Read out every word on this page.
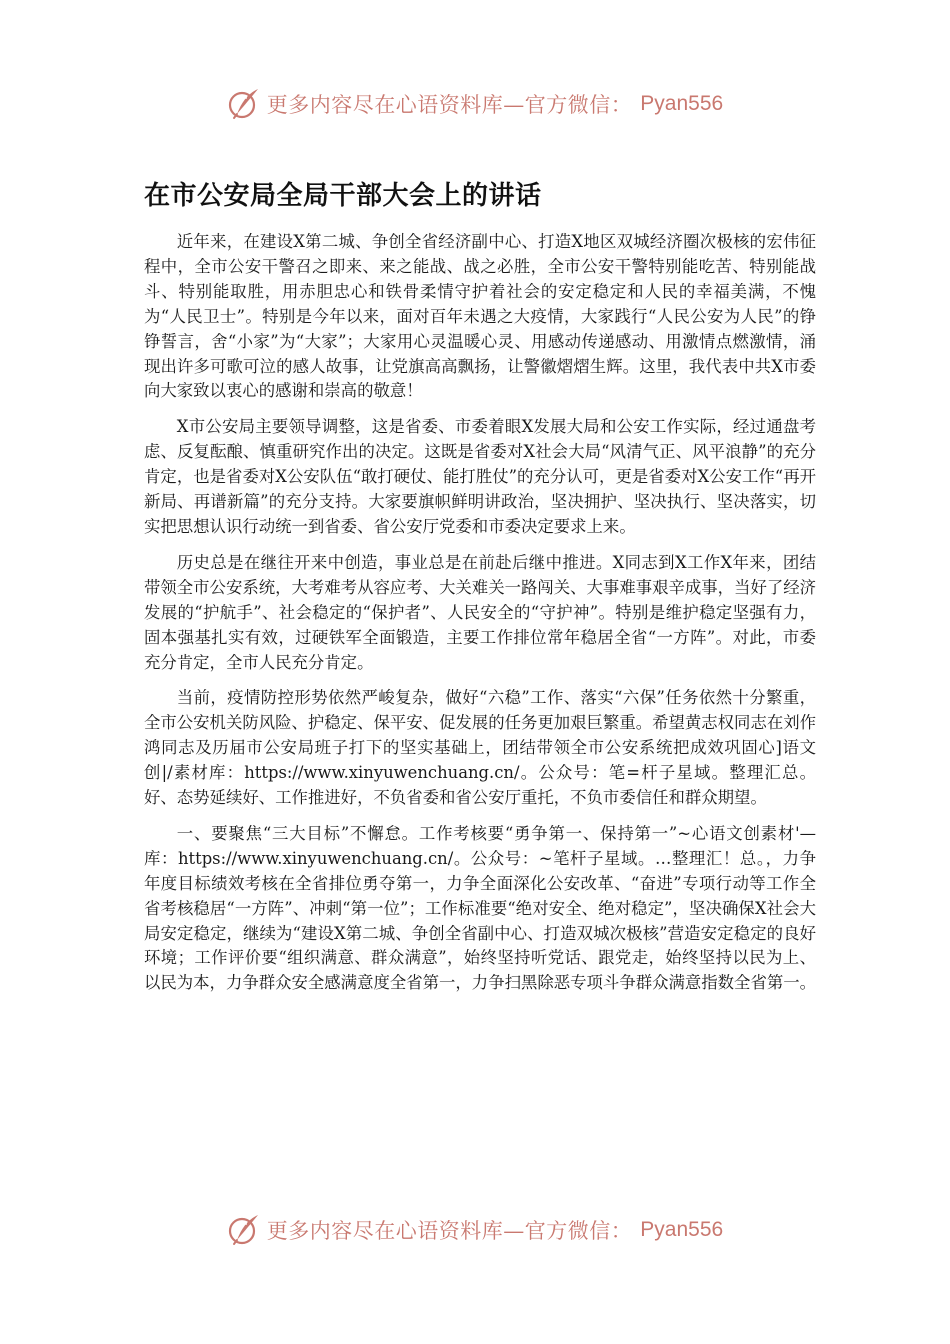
更多内容尽在心语资料库—官方微信： Pyan556
在市公安局全局干部大会上的讲话

近年来，在建设X第二城、争创全省经济副中心、打造X地区双城经济圈次极核的宏伟征程中，全市公安干警召之即来、来之能战、战之必胜，全市公安干警特别能吃苦、特别能战斗、特别能取胜，用赤胆忠心和铁骨柔情守护着社会的安定稳定和人民的幸福美满，不愧为“人民卫士”。特别是今年以来，面对百年未遇之大疫情，大家践行“人民公安为人民”的铮铮誓言，舍“小家”为“大家”；大家用心灵温暖心灵、用感动传递感动、用激情点燃激情，涌现出许多可歌可泣的感人故事，让党旗高高飘扬，让警徽熠熠生辉。这里，我代表中共X市委向大家致以衷心的感谢和崇高的敬意！

X市公安局主要领导调整，这是省委、市委着眼X发展大局和公安工作实际，经过通盘考虑、反复酝酿、慎重研究作出的决定。这既是省委对X社会大局“风清气正、风平浪静”的充分肯定，也是省委对X公安队伍“敢打硬仗、能打胜仗”的充分认可，更是省委对X公安工作“再开新局、再谱新篇”的充分支持。大家要旗帜鲜明讲政治，坚决拥护、坚决执行、坚决落实，切实把思想认识行动统一到省委、省公安厅党委和市委决定要求上来。

历史总是在继往开来中创造，事业总是在前赴后继中推进。X同志到X工作X年来，团结带领全市公安系统，大考难考从容应考、大关难关一路闯关、大事难事艰辛成事，当好了经济发展的“护航手”、社会稳定的“保护者”、人民安全的“守护神”。特别是维护稳定坚强有力，固本强基扎实有效，过硬铁军全面锻造，主要工作排位常年稳居全省“一方阵”。对此，市委充分肯定，全市人民充分肯定。

当前，疫情防控形势依然严峻复杂，做好“六稳”工作、落实“六保”任务依然十分繁重，全市公安机关防风险、护稳定、保平安、促发展的任务更加艰巨繁重。希望黄志权同志在刘作鸿同志及历届市公安局班子打下的坚实基础上，团结带领全市公安系统把成效巩固心]语文创|/素材库：https://www.xinyuwenchuang.cn/。公众号：笔=杆子星域。整理汇总。好、态势延续好、工作推进好，不负省委和省公安厅重托，不负市委信任和群众期望。

一、要聚焦“三大目标”不懈怠。工作考核要“勇争第一、保持第一”~心语文创素材'—库：https://www.xinyuwenchuang.cn/。公众号：~笔杆子星域。…整理汇！总。，力争年度目标绩效考核在全省排位勇夺第一，力争全面深化公安改革、“奋进”专项行动等工作全省考核稳居“一方阵”、冲刺“第一位”；工作标准要“绝对安全、绝对稳定”，坚决确保X社会大局安定稳定，继续为“建设X第二城、争创全省副中心、打造双城次极核”营造安定稳定的良好环境；工作评价要“组织满意、群众满意”，始终坚持听党话、跟党走，始终坚持以民为上、以民为本，力争群众安全感满意度全省第一，力争扫黑除恶专项斗争群众满意指数全省第一。

更多内容尽在心语资料库—官方微信： Pyan556
